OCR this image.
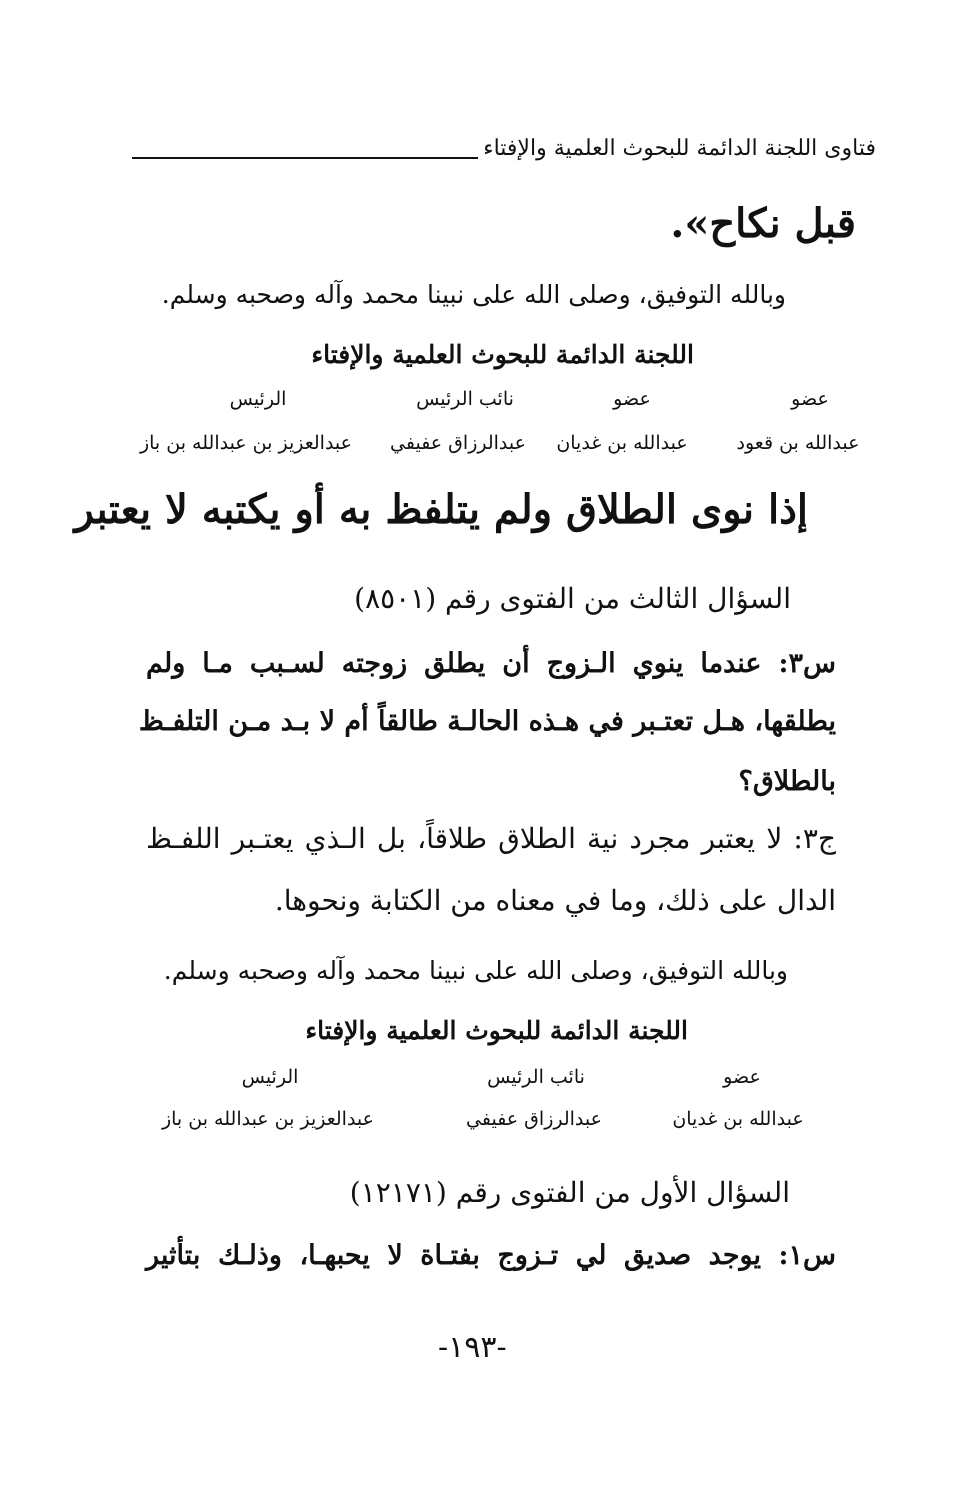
فتاوى اللجنة الدائمة للبحوث العلمية والإفتاء
قبل نكاح».
وبالله التوفيق، وصلى الله على نبينا محمد وآله وصحبه وسلم.
اللجنة الدائمة للبحوث العلمية والإفتاء
عضو
عبدالله بن قعود
عضو
عبدالله بن غديان
نائب الرئيس
عبدالرزاق عفيفي
الرئيس
عبدالعزيز بن عبدالله بن باز
إذا نوى الطلاق ولم يتلفظ به أو يكتبه لا يعتبر
السؤال الثالث من الفتوى رقم (٨٥٠١)
س٣: عندما ينوي الـزوج أن يطلق زوجته لسـبب مـا ولم
يطلقها، هـل تعتـبر في هـذه الحالـة طالقاً أم لا بـد مـن التلفـظ
بالطلاق؟
ج٣: لا يعتبر مجرد نية الطلاق طلاقاً، بل الـذي يعتـبر اللفـظ
الدال على ذلك، وما في معناه من الكتابة ونحوها.
وبالله التوفيق، وصلى الله على نبينا محمد وآله وصحبه وسلم.
اللجنة الدائمة للبحوث العلمية والإفتاء
عضو
عبدالله بن غديان
نائب الرئيس
عبدالرزاق عفيفي
الرئيس
عبدالعزيز بن عبدالله بن باز
السؤال الأول من الفتوى رقم (١٢١٧١)
س١: يوجد صديق لي تـزوج بفتـاة لا يحبهـا، وذلـك بتأثير
-١٩٣-
